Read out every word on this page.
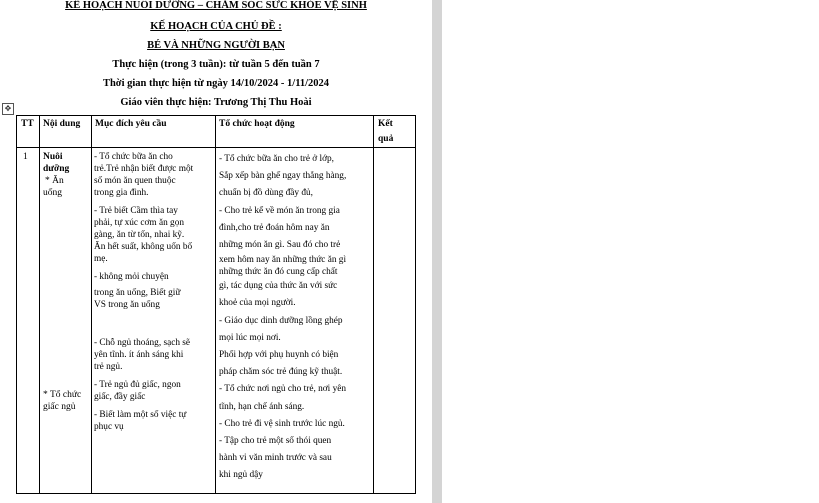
KẾ HOẠCH NUÔI DƯỠNG – CHĂM SÓC SỨC KHỎE VỆ SINH
KẾ HOẠCH CỦA CHỦ ĐỀ :
BÉ VÀ NHỮNG NGƯỜI BẠN
Thực hiện (trong 3 tuần): từ tuần 5 đến tuần 7
Thời gian thực hiện từ ngày 14/10/2024 - 1/11/2024
Giáo viên thực hiện: Trương Thị Thu Hoài
✥
TT Nội dung Mục đích yêu cầu	Tổ chức hoạt động	Kết
quả
1 Nuôi
dưỡng
* Ăn
uống
* Tổ chức
giấc ngủ
- Tổ chức bữa ăn cho
trẻ.Trẻ nhận biết được một
số món ăn quen thuộc
trong gia đình.
- Trẻ biết Cầm thìa tay
phải, tự xúc cơm ăn gọn
gàng, ăn từ tốn, nhai kỹ.
Ăn hết suất, không uốn bố
mẹ.
- không mỏi chuyện
trong ăn uống, Biết giữ
VS trong ăn uống
- Chỗ ngủ thoáng, sạch sẽ
yên tĩnh. ít ánh sáng khi
trẻ ngủ.
- Trẻ ngủ đủ giấc, ngon
giấc, đầy giấc
- Biết làm một số việc tự
phục vụ
- Tổ chức bữa ăn cho trẻ ở lớp,
Sắp xếp bàn ghế ngay thẳng hàng,
chuẩn bị đồ dùng đầy đủ,
- Cho trẻ kể về món ăn trong gia
đình,cho trẻ đoán hôm nay ăn
những món ăn gì. Sau đó cho trẻ
xem hôm nay ăn những thức ăn gì
những thức ăn đó cung cấp chất
gì, tác dụng của thức ăn với sức
khoẻ của mọi người.
- Giáo dục dinh dưỡng lồng ghép
mọi lúc mọi nơi.
Phối hợp với phụ huynh có biện
pháp chăm sóc trẻ đúng kỹ thuật.
- Tổ chức nơi ngủ cho trẻ, nơi yên
tĩnh, hạn chế ánh sáng.
- Cho trẻ đi vệ sinh trước lúc ngủ.
- Tập cho trẻ một số thói quen
hành vi văn minh trước và sau
khi ngủ dậy
